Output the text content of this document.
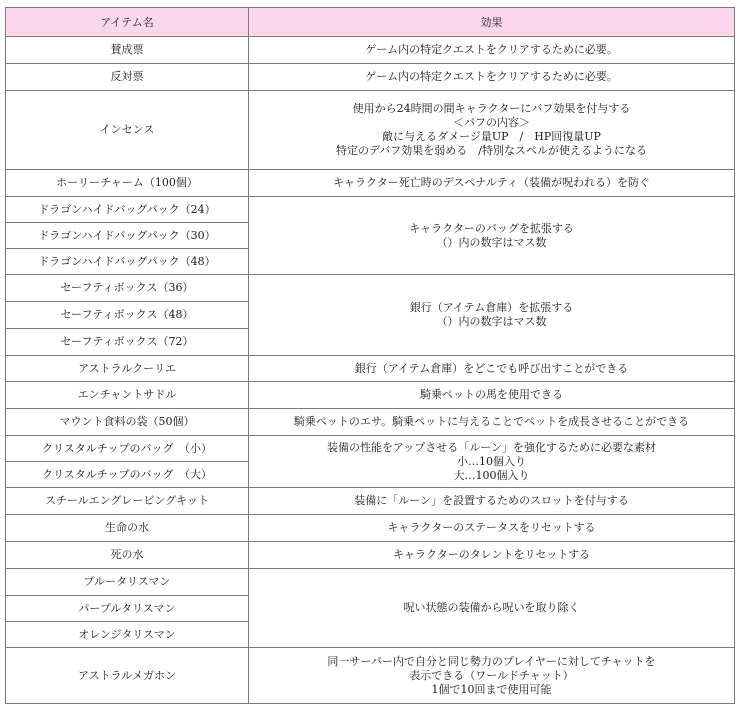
アイテム名	効果
賛成票	ゲーム内の特定クエストをクリアするために必要。

反対票	ゲーム内の特定クエストをクリアするために必要。

インセンス	使用から24時間の間キャラクターにバフ効果を付与する
＜バフの内容＞
敵に与えるダメージ量UP　/　HP回復量UP
特定のデバフ効果を弱める　/特別なスペルが使えるようになる

ホーリーチャーム（100個）	キャラクター死亡時のデスペナルティ（装備が呪われる）を防ぐ

ドラゴンハイドバッグパック（24）	キャラクターのバッグを拡張する
（）内の数字はマス数

ドラゴンハイドバッグパック（30）	
ドラゴンハイドバッグパック（48）	
セーフティボックス（36）	銀行（アイテム倉庫）を拡張する
（）内の数字はマス数

セーフティボックス（48）	
セーフティボックス（72）	
アストラルクーリエ	銀行（アイテム倉庫）をどこでも呼び出すことができる

エンチャントサドル	騎乗ペットの馬を使用できる

マウント食料の袋（50個）	騎乗ペットのエサ。騎乗ペットに与えることでペットを成長させることができる

クリスタルチップのバッグ　（小）	装備の性能をアップさせる「ルーン」を強化するために必要な素材
小…10個入り
大…100個入り

クリスタルチップのバッグ　（大）	
スチールエングレービングキット	装備に「ルーン」を設置するためのスロットを付与する

生命の水	キャラクターのステータスをリセットする

死の水	キャラクターのタレントをリセットする

ブルータリスマン	呪い状態の装備から呪いを取り除く

パープルタリスマン	
オレンジタリスマン	
アストラルメガホン	同一サーバー内で自分と同じ勢力のプレイヤーに対してチャットを
表示できる（ワールドチャット）
1個で10回まで使用可能
